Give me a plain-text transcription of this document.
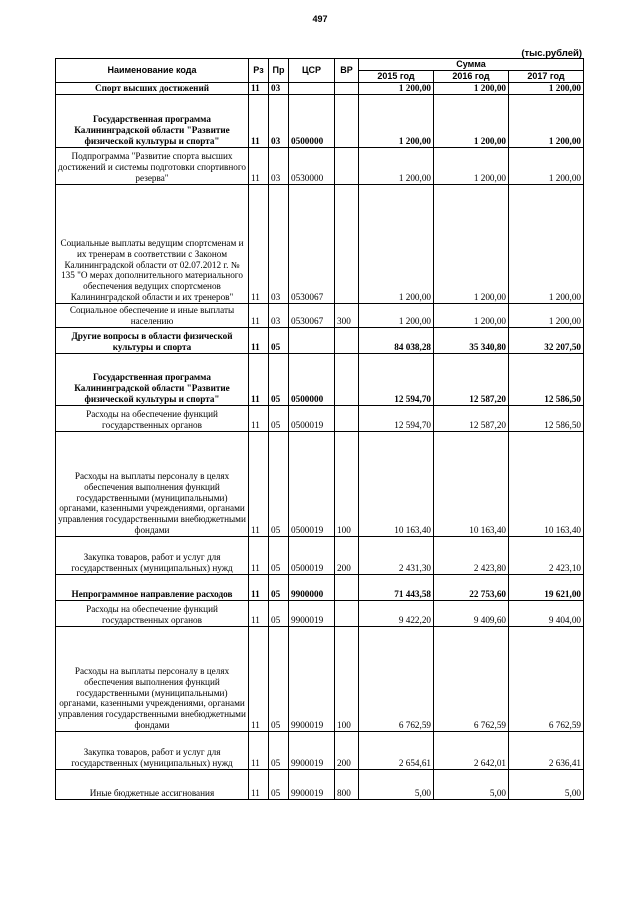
497
(тыс.рублей)
Наименование кода	Рз	Пр	ЦСР	ВР	Сумма		
					2015 год	2016 год	2017 год
Спорт высших достижений	11	03			1 200,00	1 200,00	1 200,00
Государственная программа Калининградской области "Развитие физической культуры и спорта"	11	03	0500000		1 200,00	1 200,00	1 200,00
Подпрограмма "Развитие спорта высших достижений и системы подготовки спортивного резерва"	11	03	0530000		1 200,00	1 200,00	1 200,00
Социальные выплаты ведущим спортсменам и их тренерам в соответствии с Законом Калининградской области от 02.07.2012 г. № 135 "О мерах дополнительного материального обеспечения ведущих спортсменов Калининградской области и их тренеров"	11	03	0530067		1 200,00	1 200,00	1 200,00
Социальное обеспечение и иные выплаты населению	11	03	0530067	300	1 200,00	1 200,00	1 200,00
Другие вопросы в области физической культуры и спорта	11	05			84 038,28	35 340,80	32 207,50
Государственная программа Калининградской области "Развитие физической культуры и спорта"	11	05	0500000		12 594,70	12 587,20	12 586,50
Расходы на обеспечение функций государственных органов	11	05	0500019		12 594,70	12 587,20	12 586,50
Расходы на выплаты персоналу в целях обеспечения выполнения функций государственными (муниципальными) органами, казенными учреждениями, органами управления государственными внебюджетными фондами	11	05	0500019	100	10 163,40	10 163,40	10 163,40
Закупка товаров, работ и услуг для государственных (муниципальных) нужд	11	05	0500019	200	2 431,30	2 423,80	2 423,10
Непрограммное направление расходов	11	05	9900000		71 443,58	22 753,60	19 621,00
Расходы на обеспечение функций государственных органов	11	05	9900019		9 422,20	9 409,60	9 404,00
Расходы на выплаты персоналу в целях обеспечения выполнения функций государственными (муниципальными) органами, казенными учреждениями, органами управления государственными внебюджетными фондами	11	05	9900019	100	6 762,59	6 762,59	6 762,59
Закупка товаров, работ и услуг для государственных (муниципальных) нужд	11	05	9900019	200	2 654,61	2 642,01	2 636,41
Иные бюджетные ассигнования	11	05	9900019	800	5,00	5,00	5,00
